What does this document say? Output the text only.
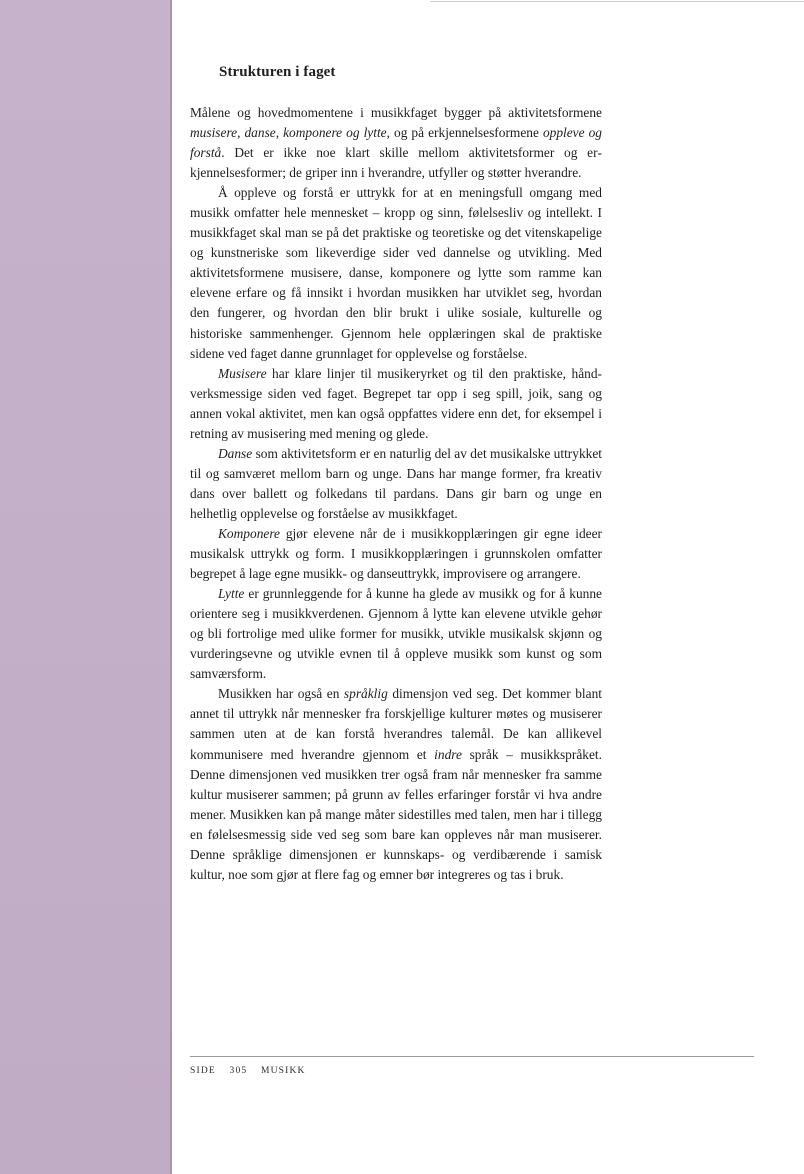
Strukturen i faget

Målene og hovedmomentene i musikkfaget bygger på aktivitetsformene musisere, danse, komponere og lytte, og på erkjennelsesformene oppleve og forstå. Det er ikke noe klart skille mellom aktivitetsformer og erkjennelsesformer; de griper inn i hverandre, utfyller og støtter hverandre.

Å oppleve og forstå er uttrykk for at en meningsfull omgang med musikk omfatter hele mennesket – kropp og sinn, følelsesliv og intellekt. I musikkfaget skal man se på det praktiske og teoretiske og det vitenskapelige og kunstneriske som likeverdige sider ved dannelse og utvikling. Med aktivitetsformene musisere, danse, komponere og lytte som ramme kan elevene erfare og få innsikt i hvordan musikken har utviklet seg, hvordan den fungerer, og hvordan den blir brukt i ulike sosiale, kulturelle og historiske sammenhenger. Gjennom hele opplæringen skal de praktiske sidene ved faget danne grunnlaget for opplevelse og forståelse.

Musisere har klare linjer til musikeryrket og til den praktiske, håndverksmessige siden ved faget. Begrepet tar opp i seg spill, joik, sang og annen vokal aktivitet, men kan også oppfattes videre enn det, for eksempel i retning av musisering med mening og glede.

Danse som aktivitetsform er en naturlig del av det musikalske uttrykket til og samværet mellom barn og unge. Dans har mange former, fra kreativ dans over ballett og folkedans til pardans. Dans gir barn og unge en helhetlig opplevelse og forståelse av musikkfaget.

Komponere gjør elevene når de i musikkopplæringen gir egne ideer musikalsk uttrykk og form. I musikkopplæringen i grunnskolen omfatter begrepet å lage egne musikk- og danseuttrykk, improvisere og arrangere.

Lytte er grunnleggende for å kunne ha glede av musikk og for å kunne orientere seg i musikkverdenen. Gjennom å lytte kan elevene utvikle gehør og bli fortrolige med ulike former for musikk, utvikle musikalsk skjønn og vurderingsevne og utvikle evnen til å oppleve musikk som kunst og som samværsform.

Musikken har også en språklig dimensjon ved seg. Det kommer blant annet til uttrykk når mennesker fra forskjellige kulturer møtes og musiserer sammen uten at de kan forstå hverandres talemål. De kan allikevel kommunisere med hverandre gjennom et indre språk – musikkspråket. Denne dimensjonen ved musikken trer også fram når mennesker fra samme kultur musiserer sammen; på grunn av felles erfaringer forstår vi hva andre mener. Musikken kan på mange måter sidestilles med talen, men har i tillegg en følelsesmessig side ved seg som bare kan oppleves når man musiserer. Denne språklige dimensjonen er kunnskaps- og verdibærende i samisk kultur, noe som gjør at flere fag og emner bør integreres og tas i bruk.

SIDE 305 MUSIKK
